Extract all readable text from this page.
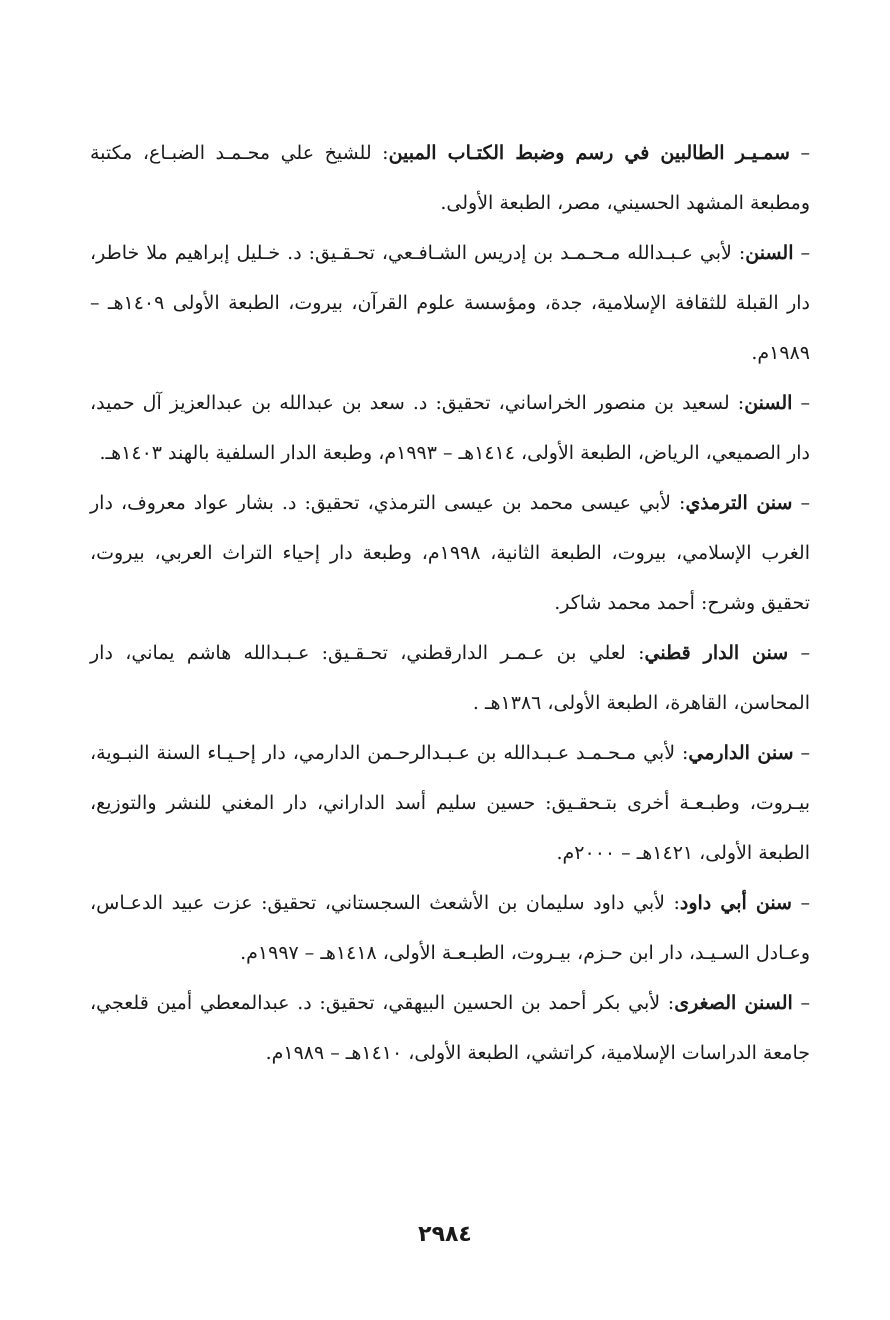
– سمـيـر الطالبين في رسم وضبط الكتـاب المبين: للشيخ علي محـمـد الضبـاع، مكتبة ومطبعة المشهد الحسيني، مصر، الطبعة الأولى.

– السنن: لأبي عـبـدالله مـحـمـد بن إدريس الشـافـعي، تحـقـيق: د. خـليل إبراهيم ملا خاطر، دار القبلة للثقافة الإسلامية، جدة، ومؤسسة علوم القرآن، بيروت، الطبعة الأولى ١٤٠٩هـ – ١٩٨٩م.

– السنن: لسعيد بن منصور الخراساني، تحقيق: د. سعد بن عبدالله بن عبدالعزيز آل حميد، دار الصميعي، الرياض، الطبعة الأولى، ١٤١٤هـ – ١٩٩٣م، وطبعة الدار السلفية بالهند ١٤٠٣هـ.

– سنن الترمذي: لأبي عيسى محمد بن عيسى الترمذي، تحقيق: د. بشار عواد معروف، دار الغرب الإسلامي، بيروت، الطبعة الثانية، ١٩٩٨م، وطبعة دار إحياء التراث العربي، بيروت، تحقيق وشرح: أحمد محمد شاكر.

– سنن الدار قطني: لعلي بن عـمـر الدارقطني، تحـقـيق: عـبـدالله هاشم يماني، دار المحاسن، القاهرة، الطبعة الأولى، ١٣٨٦هـ .

– سنن الدارمي: لأبي مـحـمـد عـبـدالله بن عـبـدالرحـمن الدارمي، دار إحـيـاء السنة النبـوية، بيـروت، وطبـعـة أخرى بتـحقـيق: حسين سليم أسد الداراني، دار المغني للنشر والتوزيع، الطبعة الأولى، ١٤٢١هـ – ٢٠٠٠م.

– سنن أبي داود: لأبي داود سليمان بن الأشعث السجستاني، تحقيق: عزت عبيد الدعـاس، وعـادل السـيـد، دار ابن حـزم، بيـروت، الطبـعـة الأولى، ١٤١٨هـ – ١٩٩٧م.

– السنن الصغرى: لأبي بكر أحمد بن الحسين البيهقي، تحقيق: د. عبدالمعطي أمين قلعجي، جامعة الدراسات الإسلامية، كراتشي، الطبعة الأولى، ١٤١٠هـ – ١٩٨٩م.

٢٩٨٤
